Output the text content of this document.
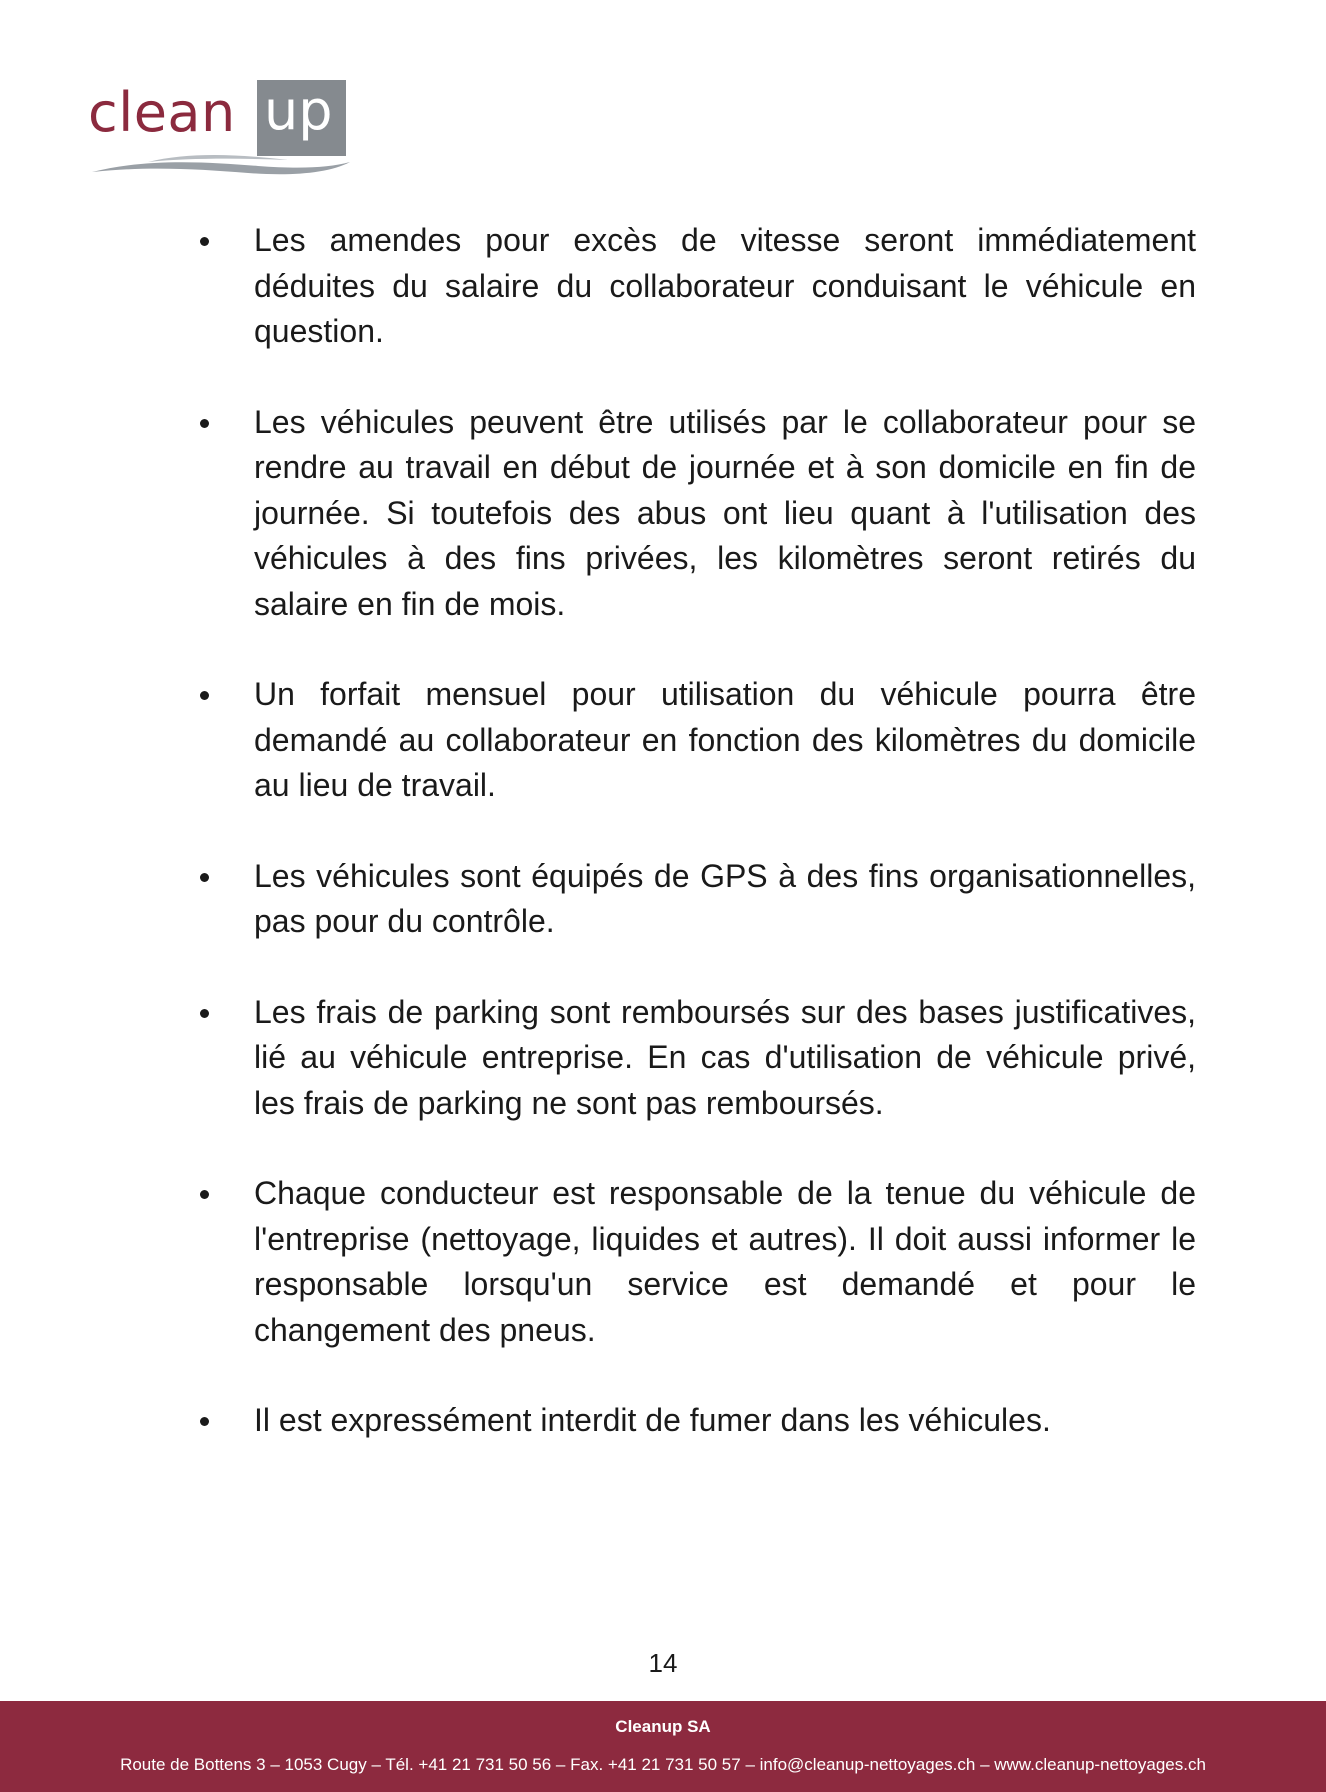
clean up
Les amendes pour excès de vitesse seront immédiatement déduites du salaire du collaborateur conduisant le véhicule en question.
Les véhicules peuvent être utilisés par le collaborateur pour se rendre au travail en début de journée et à son domicile en fin de journée. Si toutefois des abus ont lieu quant à l'utilisation des véhicules à des fins privées, les kilomètres seront retirés du salaire en fin de mois.
Un forfait mensuel pour utilisation du véhicule pourra être demandé au collaborateur en fonction des kilomètres du domicile au lieu de travail.
Les véhicules sont équipés de GPS à des fins organisationnelles, pas pour du contrôle.
Les frais de parking sont remboursés sur des bases justificatives, lié au véhicule entreprise. En cas d'utilisation de véhicule privé, les frais de parking ne sont pas remboursés.
Chaque conducteur est responsable de la tenue du véhicule de l'entreprise (nettoyage, liquides et autres). Il doit aussi informer le responsable lorsqu'un service est demandé et pour le changement des pneus.
Il est expressément interdit de fumer dans les véhicules.
14
Cleanup SA
Route de Bottens 3 – 1053 Cugy – Tél. +41 21 731 50 56 – Fax. +41 21 731 50 57 – info@cleanup-nettoyages.ch – www.cleanup-nettoyages.ch
